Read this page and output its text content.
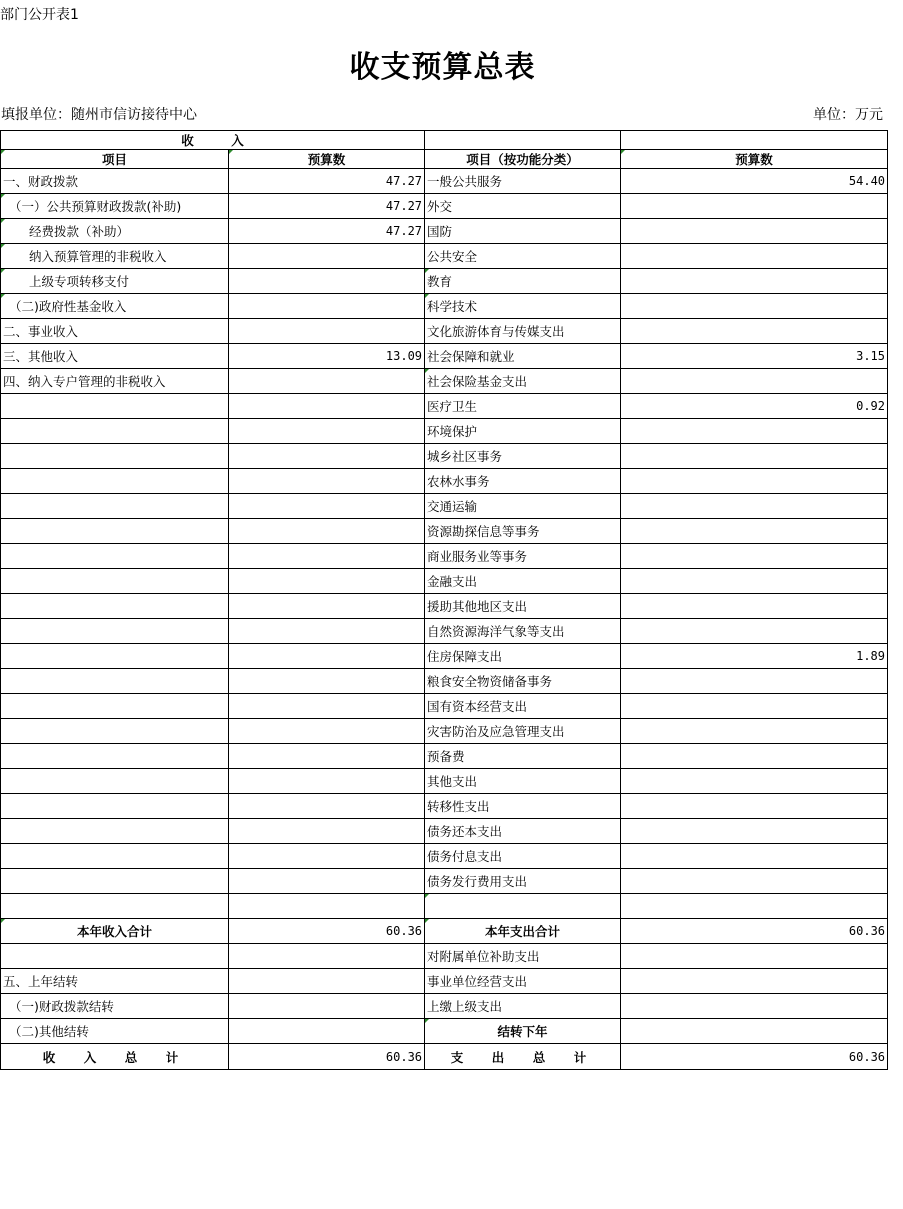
部门公开表1
收支预算总表
填报单位：随州市信访接待中心	单位：万元
收　　　入			
项目	预算数	项目（按功能分类）	预算数
一、财政拨款	47.27	一般公共服务	54.40
（一）公共预算财政拨款(补助)	47.27	外交	
经费拨款（补助）	47.27	国防	
纳入预算管理的非税收入		公共安全	
上级专项转移支付		教育	
（二)政府性基金收入		科学技术	
二、事业收入		文化旅游体育与传媒支出	
三、其他收入	13.09	社会保障和就业	3.15
四、纳入专户管理的非税收入		社会保险基金支出	
		医疗卫生	0.92
		环境保护	
		城乡社区事务	
		农林水事务	
		交通运输	
		资源勘探信息等事务	
		商业服务业等事务	
		金融支出	
		援助其他地区支出	
		自然资源海洋气象等支出	
		住房保障支出	1.89
		粮食安全物资储备事务	
		国有资本经营支出	
		灾害防治及应急管理支出	
		预备费	
		其他支出	
		转移性支出	
		债务还本支出	
		债务付息支出	
		债务发行费用支出	

本年收入合计	60.36	本年支出合计	60.36
		对附属单位补助支出	
五、上年结转		事业单位经营支出	
（一)财政拨款结转		上缴上级支出	
（二)其他结转		结转下年	
收　入　总　计	60.36	支　出　总　计	60.36
